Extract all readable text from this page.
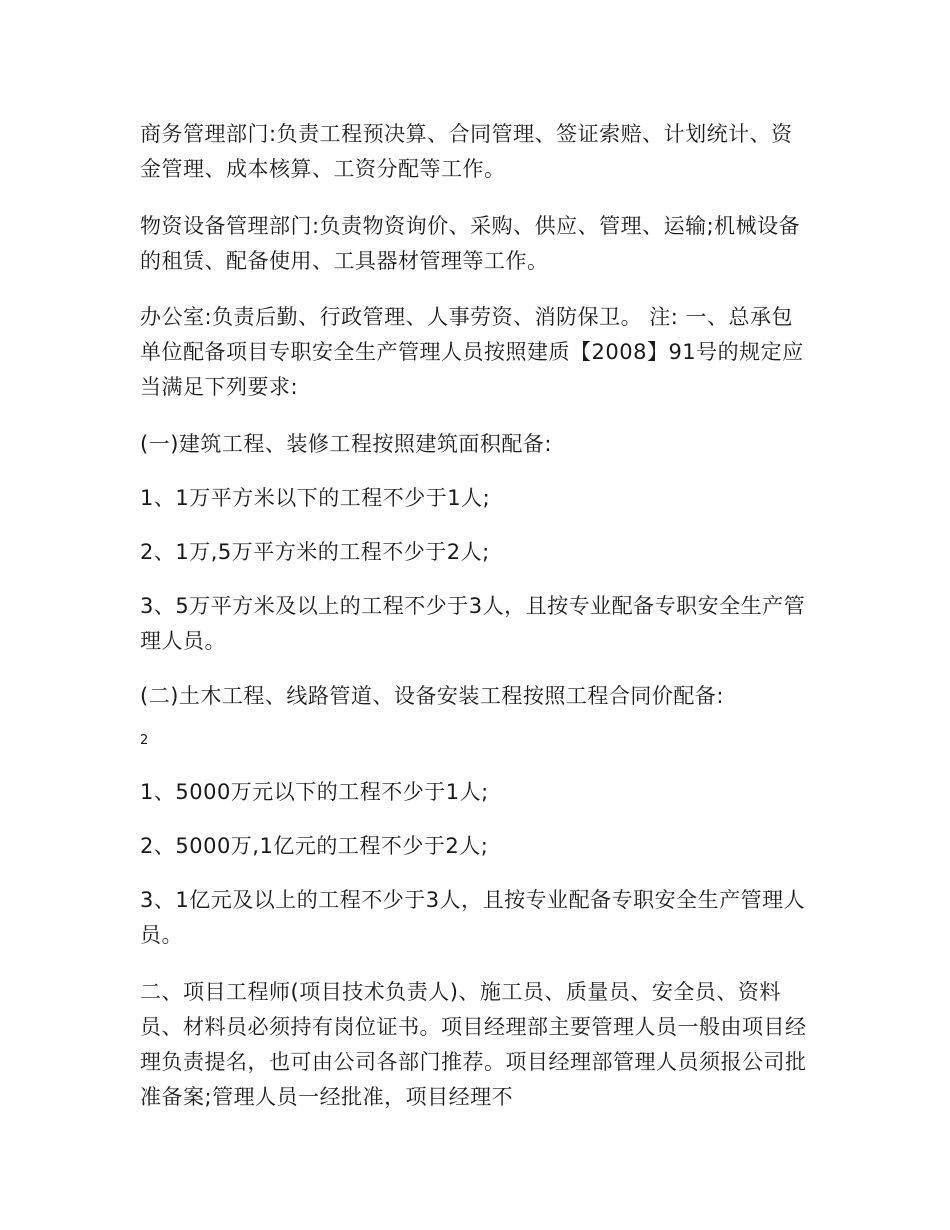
商务管理部门:负责工程预决算、合同管理、签证索赔、计划统计、资金管理、成本核算、工资分配等工作。

物资设备管理部门:负责物资询价、采购、供应、管理、运输;机械设备的租赁、配备使用、工具器材管理等工作。

办公室:负责后勤、行政管理、人事劳资、消防保卫。 注: 一、总承包单位配备项目专职安全生产管理人员按照建质【2008】91号的规定应当满足下列要求:

(一)建筑工程、装修工程按照建筑面积配备:

1、1万平方米以下的工程不少于1人;

2、1万,5万平方米的工程不少于2人;

3、5万平方米及以上的工程不少于3人，且按专业配备专职安全生产管理人员。

(二)土木工程、线路管道、设备安装工程按照工程合同价配备:

2

1、5000万元以下的工程不少于1人;

2、5000万,1亿元的工程不少于2人;

3、1亿元及以上的工程不少于3人，且按专业配备专职安全生产管理人员。

二、项目工程师(项目技术负责人)、施工员、质量员、安全员、资料员、材料员必须持有岗位证书。项目经理部主要管理人员一般由项目经理负责提名，也可由公司各部门推荐。项目经理部管理人员须报公司批准备案;管理人员一经批准，项目经理不
